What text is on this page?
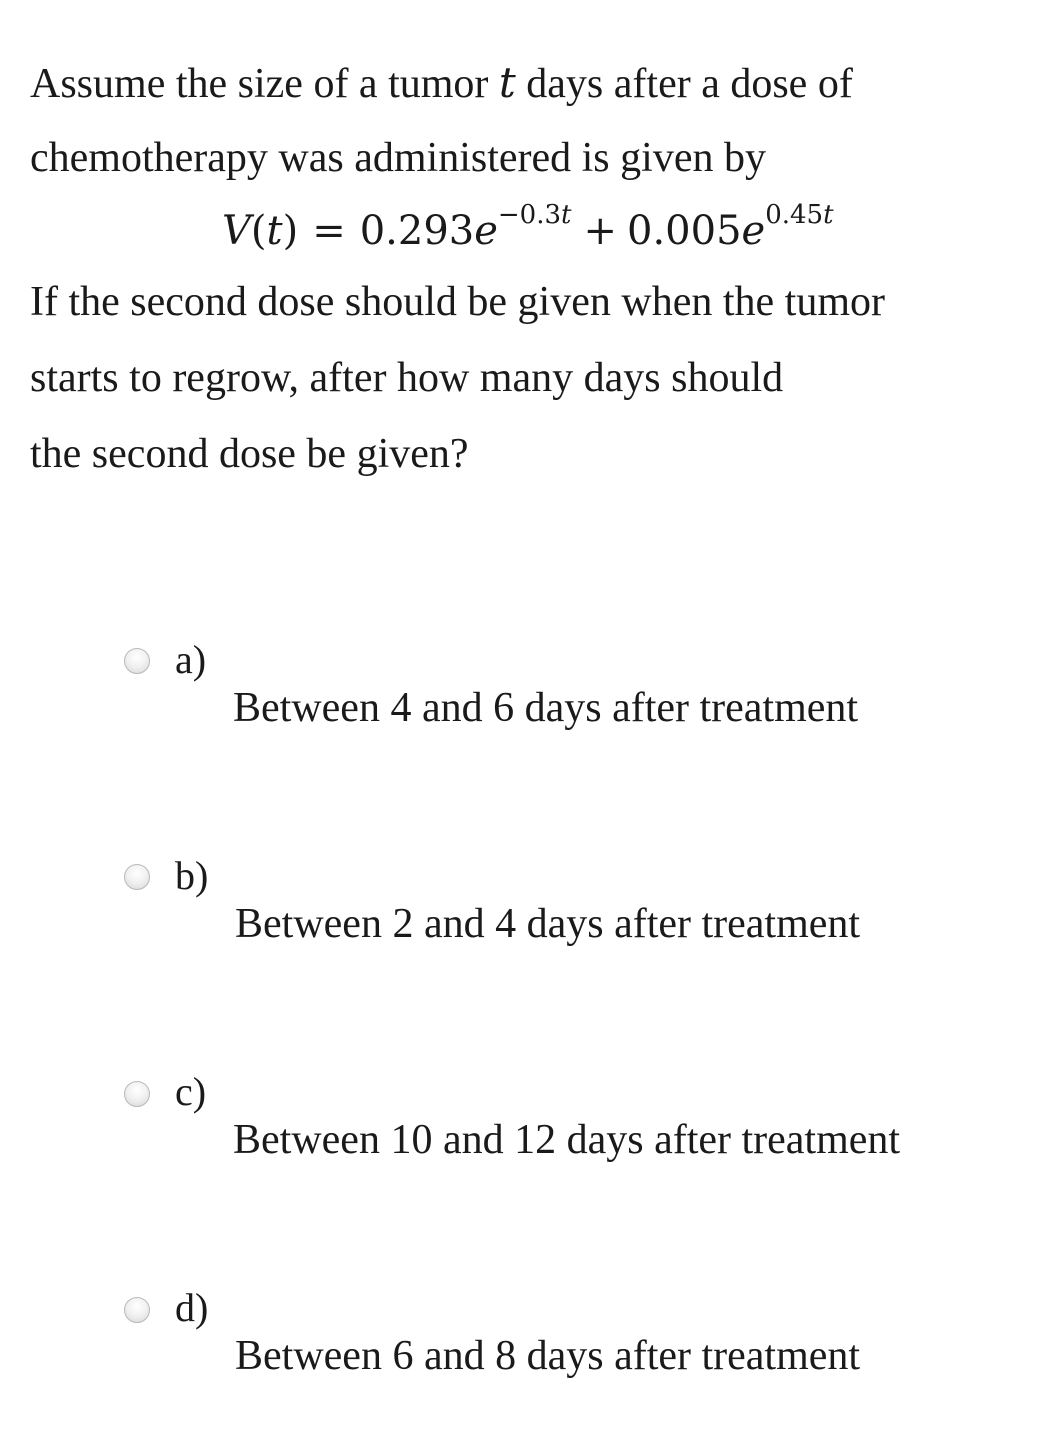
Assume the size of a tumor t days after a dose of
chemotherapy was administered is given by
$V(t) = 0.293e^{-0.3t} + 0.005e^{0.45t}$
If the second dose should be given when the tumor
starts to regrow, after how many days should
the second dose be given?
a)
Between 4 and 6 days after treatment
b)
Between 2 and 4 days after treatment
c)
Between 10 and 12 days after treatment
d)
Between 6 and 8 days after treatment
